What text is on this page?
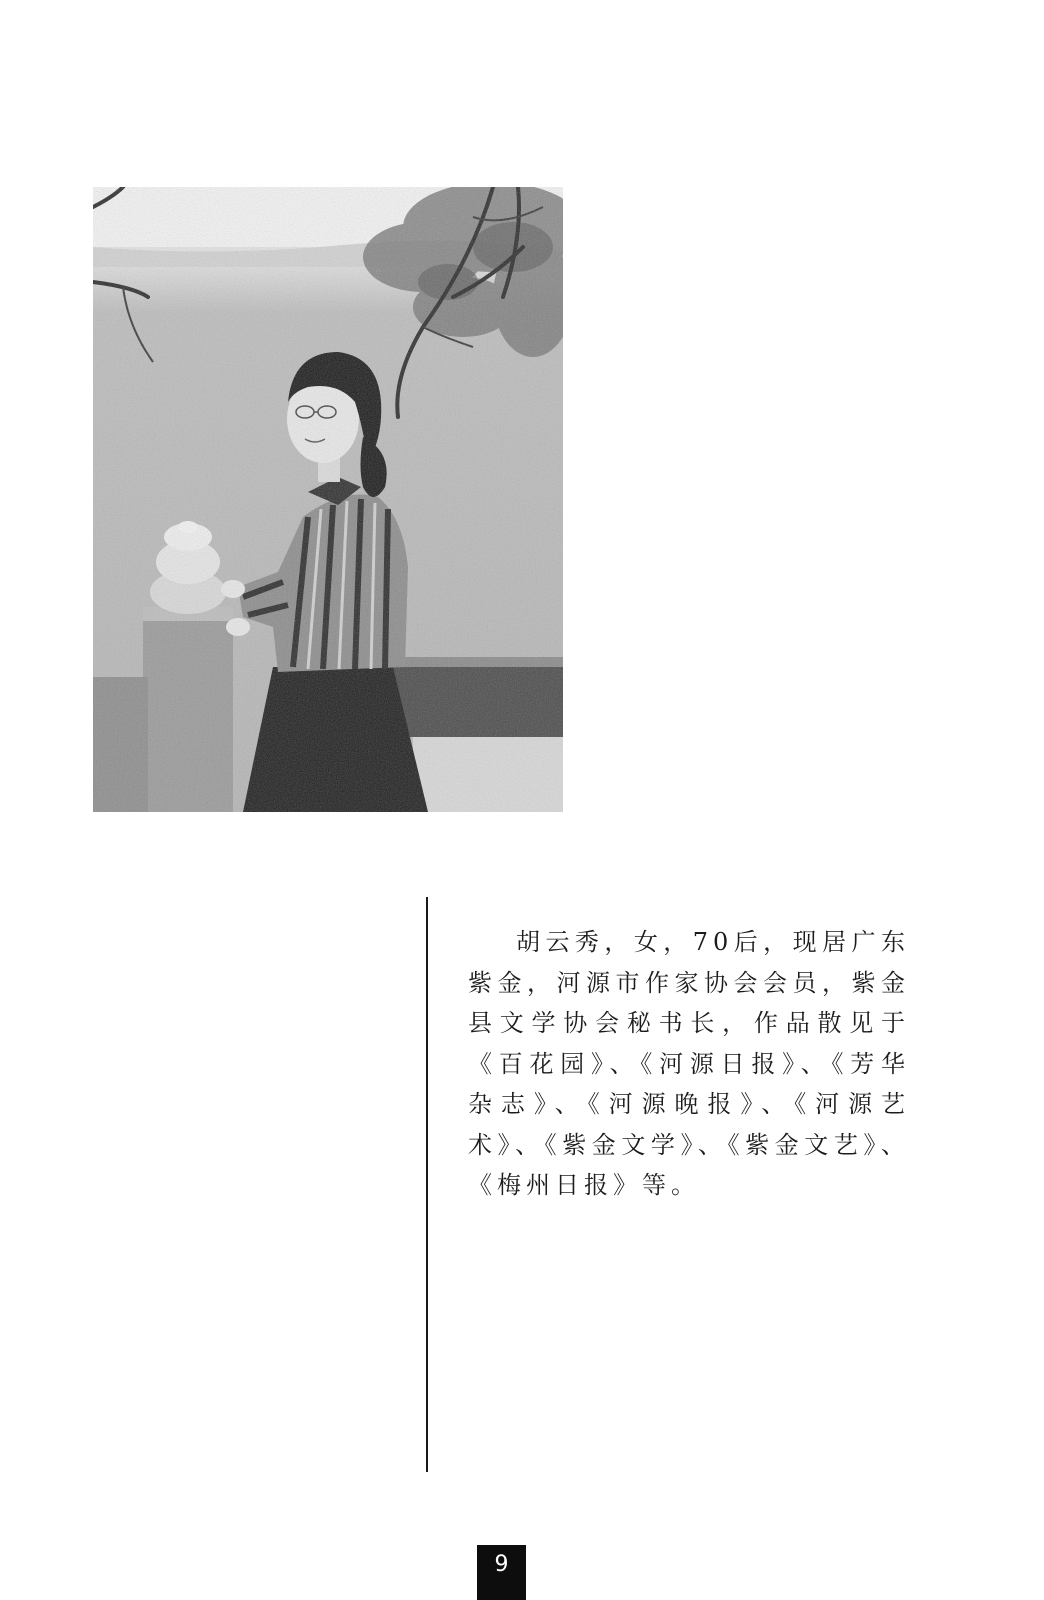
胡云秀，女，70后，现居广东紫金，河源市作家协会会员，紫金县文学协会秘书长，作品散见于《百花园》、《河源日报》、《芳华杂志》、《河源晚报》、《河源艺术》、《紫金文学》、《紫金文艺》、《梅州日报》等。

9
